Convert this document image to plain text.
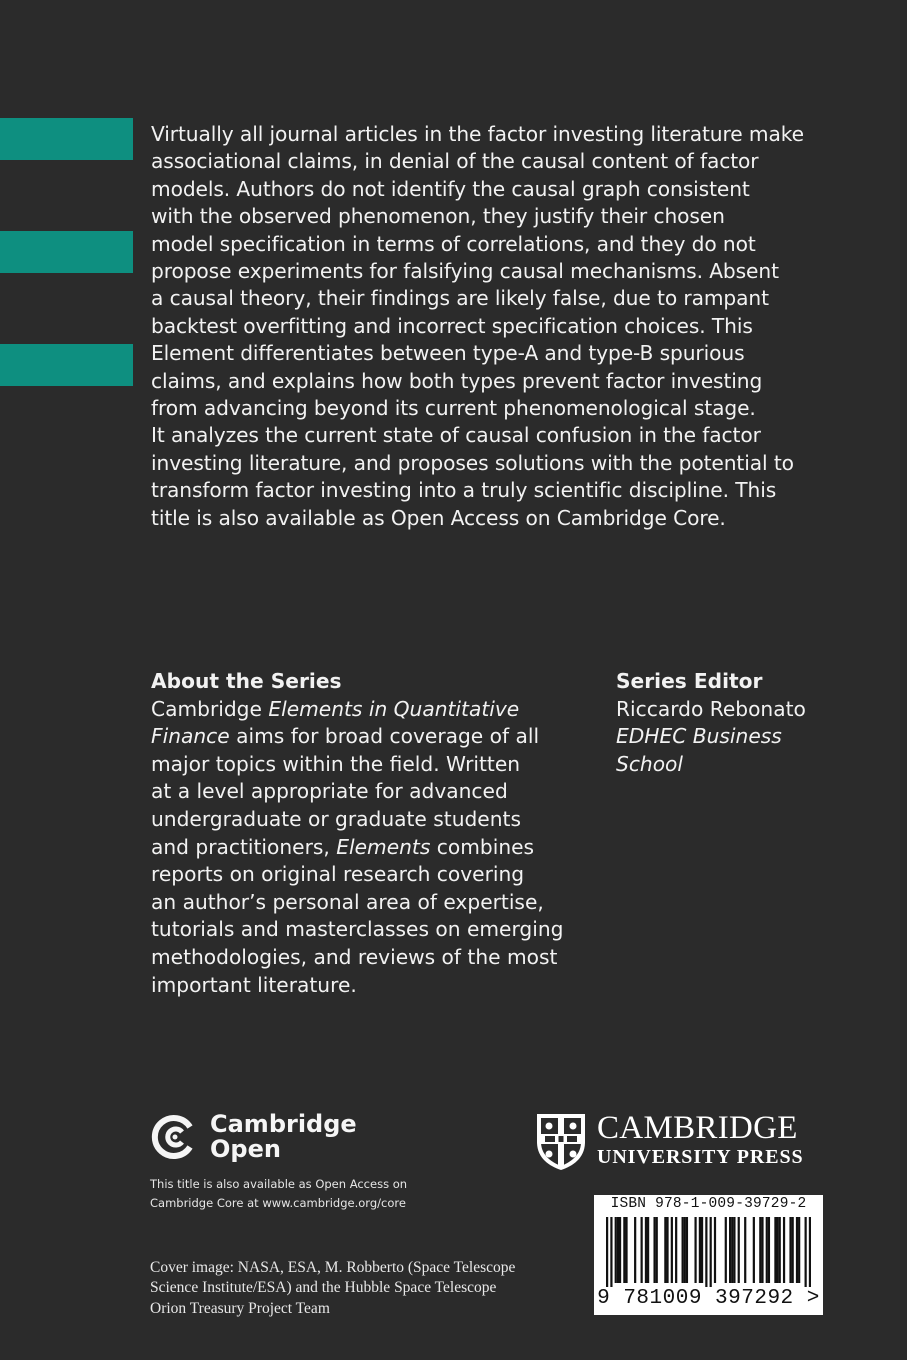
Virtually all journal articles in the factor investing literature make
associational claims, in denial of the causal content of factor
models. Authors do not identify the causal graph consistent
with the observed phenomenon, they justify their chosen
model specification in terms of correlations, and they do not
propose experiments for falsifying causal mechanisms. Absent
a causal theory, their findings are likely false, due to rampant
backtest overfitting and incorrect specification choices. This
Element differentiates between type-A and type-B spurious
claims, and explains how both types prevent factor investing
from advancing beyond its current phenomenological stage.
It analyzes the current state of causal confusion in the factor
investing literature, and proposes solutions with the potential to
transform factor investing into a truly scientific discipline. This
title is also available as Open Access on Cambridge Core.
About the Series
Cambridge Elements in Quantitative
Finance aims for broad coverage of all
major topics within the field. Written
at a level appropriate for advanced
undergraduate or graduate students
and practitioners, Elements combines
reports on original research covering
an author’s personal area of expertise,
tutorials and masterclasses on emerging
methodologies, and reviews of the most
important literature.
Series Editor
Riccardo Rebonato
EDHEC Business
School
Cambridge
Open
This title is also available as Open Access on
Cambridge Core at www.cambridge.org/core
Cover image: NASA, ESA, M. Robberto (Space Telescope
Science Institute/ESA) and the Hubble Space Telescope
Orion Treasury Project Team
CAMBRIDGE
UNIVERSITY PRESS
ISBN 978-1-009-39729-2
9 781009 397292 >
